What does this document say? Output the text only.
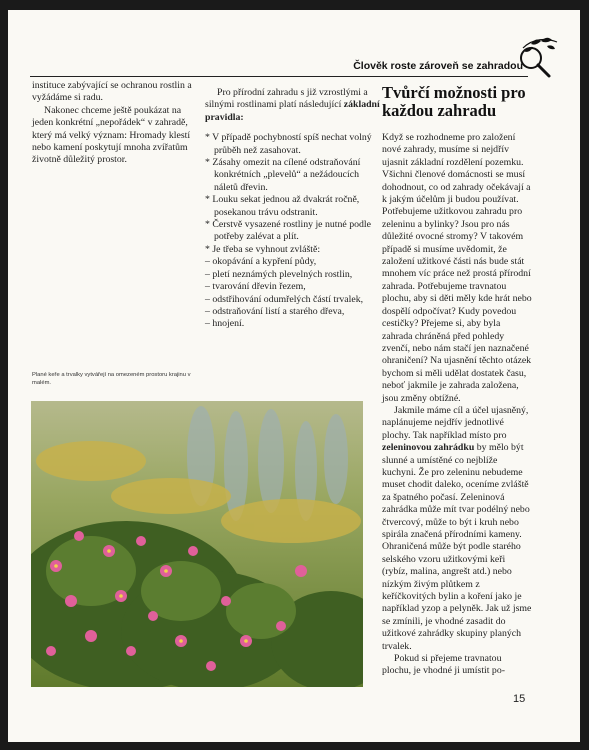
Člověk roste zároveň se zahradou

instituce zabývající se ochranou rostlin a vyžádáme si radu.

Nakonec chceme ještě poukázat na jeden konkrétní „nepořádek“ v zahradě, který má velký význam: Hromady klestí nebo kamení poskytují mnoha zvířatům životně důležitý prostor.

Pro přírodní zahradu s již vzrostlými a silnými rostlinami platí následující základní pravidla:

* V případě pochybností spíš nechat volný průběh než zasahovat.
* Zásahy omezit na cílené odstraňování konkrétních „plevelů“ a nežádoucích náletů dřevin.
* Louku sekat jednou až dvakrát ročně, posekanou trávu odstranit.
* Čerstvě vysazené rostliny je nutné podle potřeby zalévat a plít.
* Je třeba se vyhnout zvláště:
– okopávání a kypření půdy,
– pletí neznámých plevelných rostlin,
– tvarování dřevin řezem,
– odstřihování odumřelých částí trvalek,
– odstraňování listí a starého dřeva,
– hnojení.
Tvůrčí možnosti pro každou zahradu

Když se rozhodneme pro založení nové zahrady, musíme si nejdřív ujasnit základní rozdělení pozemku. Všichni členové domácnosti se musí dohodnout, co od zahrady očekávají a k jakým účelům ji budou používat. Potřebujeme užitkovou zahradu pro zeleninu a bylinky? Jsou pro nás důležité ovocné stromy? V takovém případě si musíme uvědomit, že založení užitkové části nás bude stát mnohem víc práce než prostá přírodní zahrada. Potřebujeme travnatou plochu, aby si děti měly kde hrát nebo dospělí odpočívat? Kudy povedou cestičky? Přejeme si, aby byla zahrada chráněná před pohledy zvenčí, nebo nám stačí jen naznačené ohraničení? Na ujasnění těchto otázek bychom si měli udělat dostatek času, neboť jakmile je zahrada založena, jsou změny obtížné.

Jakmile máme cíl a účel ujasněný, naplánujeme nejdřív jednotlivé plochy. Tak například místo pro zeleninovou zahrádku by mělo být slunné a umístěné co nejblíže kuchyni. Že pro zeleninu nebudeme muset chodit daleko, oceníme zvláště za špatného počasí. Zeleninová zahrádka může mít tvar podélný nebo čtvercový, může to být i kruh nebo spirála značená přírodními kameny. Ohraničená může být podle starého selského vzoru užitkovými keři (rybíz, malina, angrešt atd.) nebo nízkým živým plůtkem z keříčkovitých bylin a koření jako je například yzop a pelyněk. Jak už jsme se zmínili, je vhodné zasadit do užitkové zahrádky skupiny planých trvalek.

Pokud si přejeme travnatou plochu, je vhodné ji umístit po-

Plané keře a trvalky vytvářejí na omezeném prostoru krajinu v malém.
15
